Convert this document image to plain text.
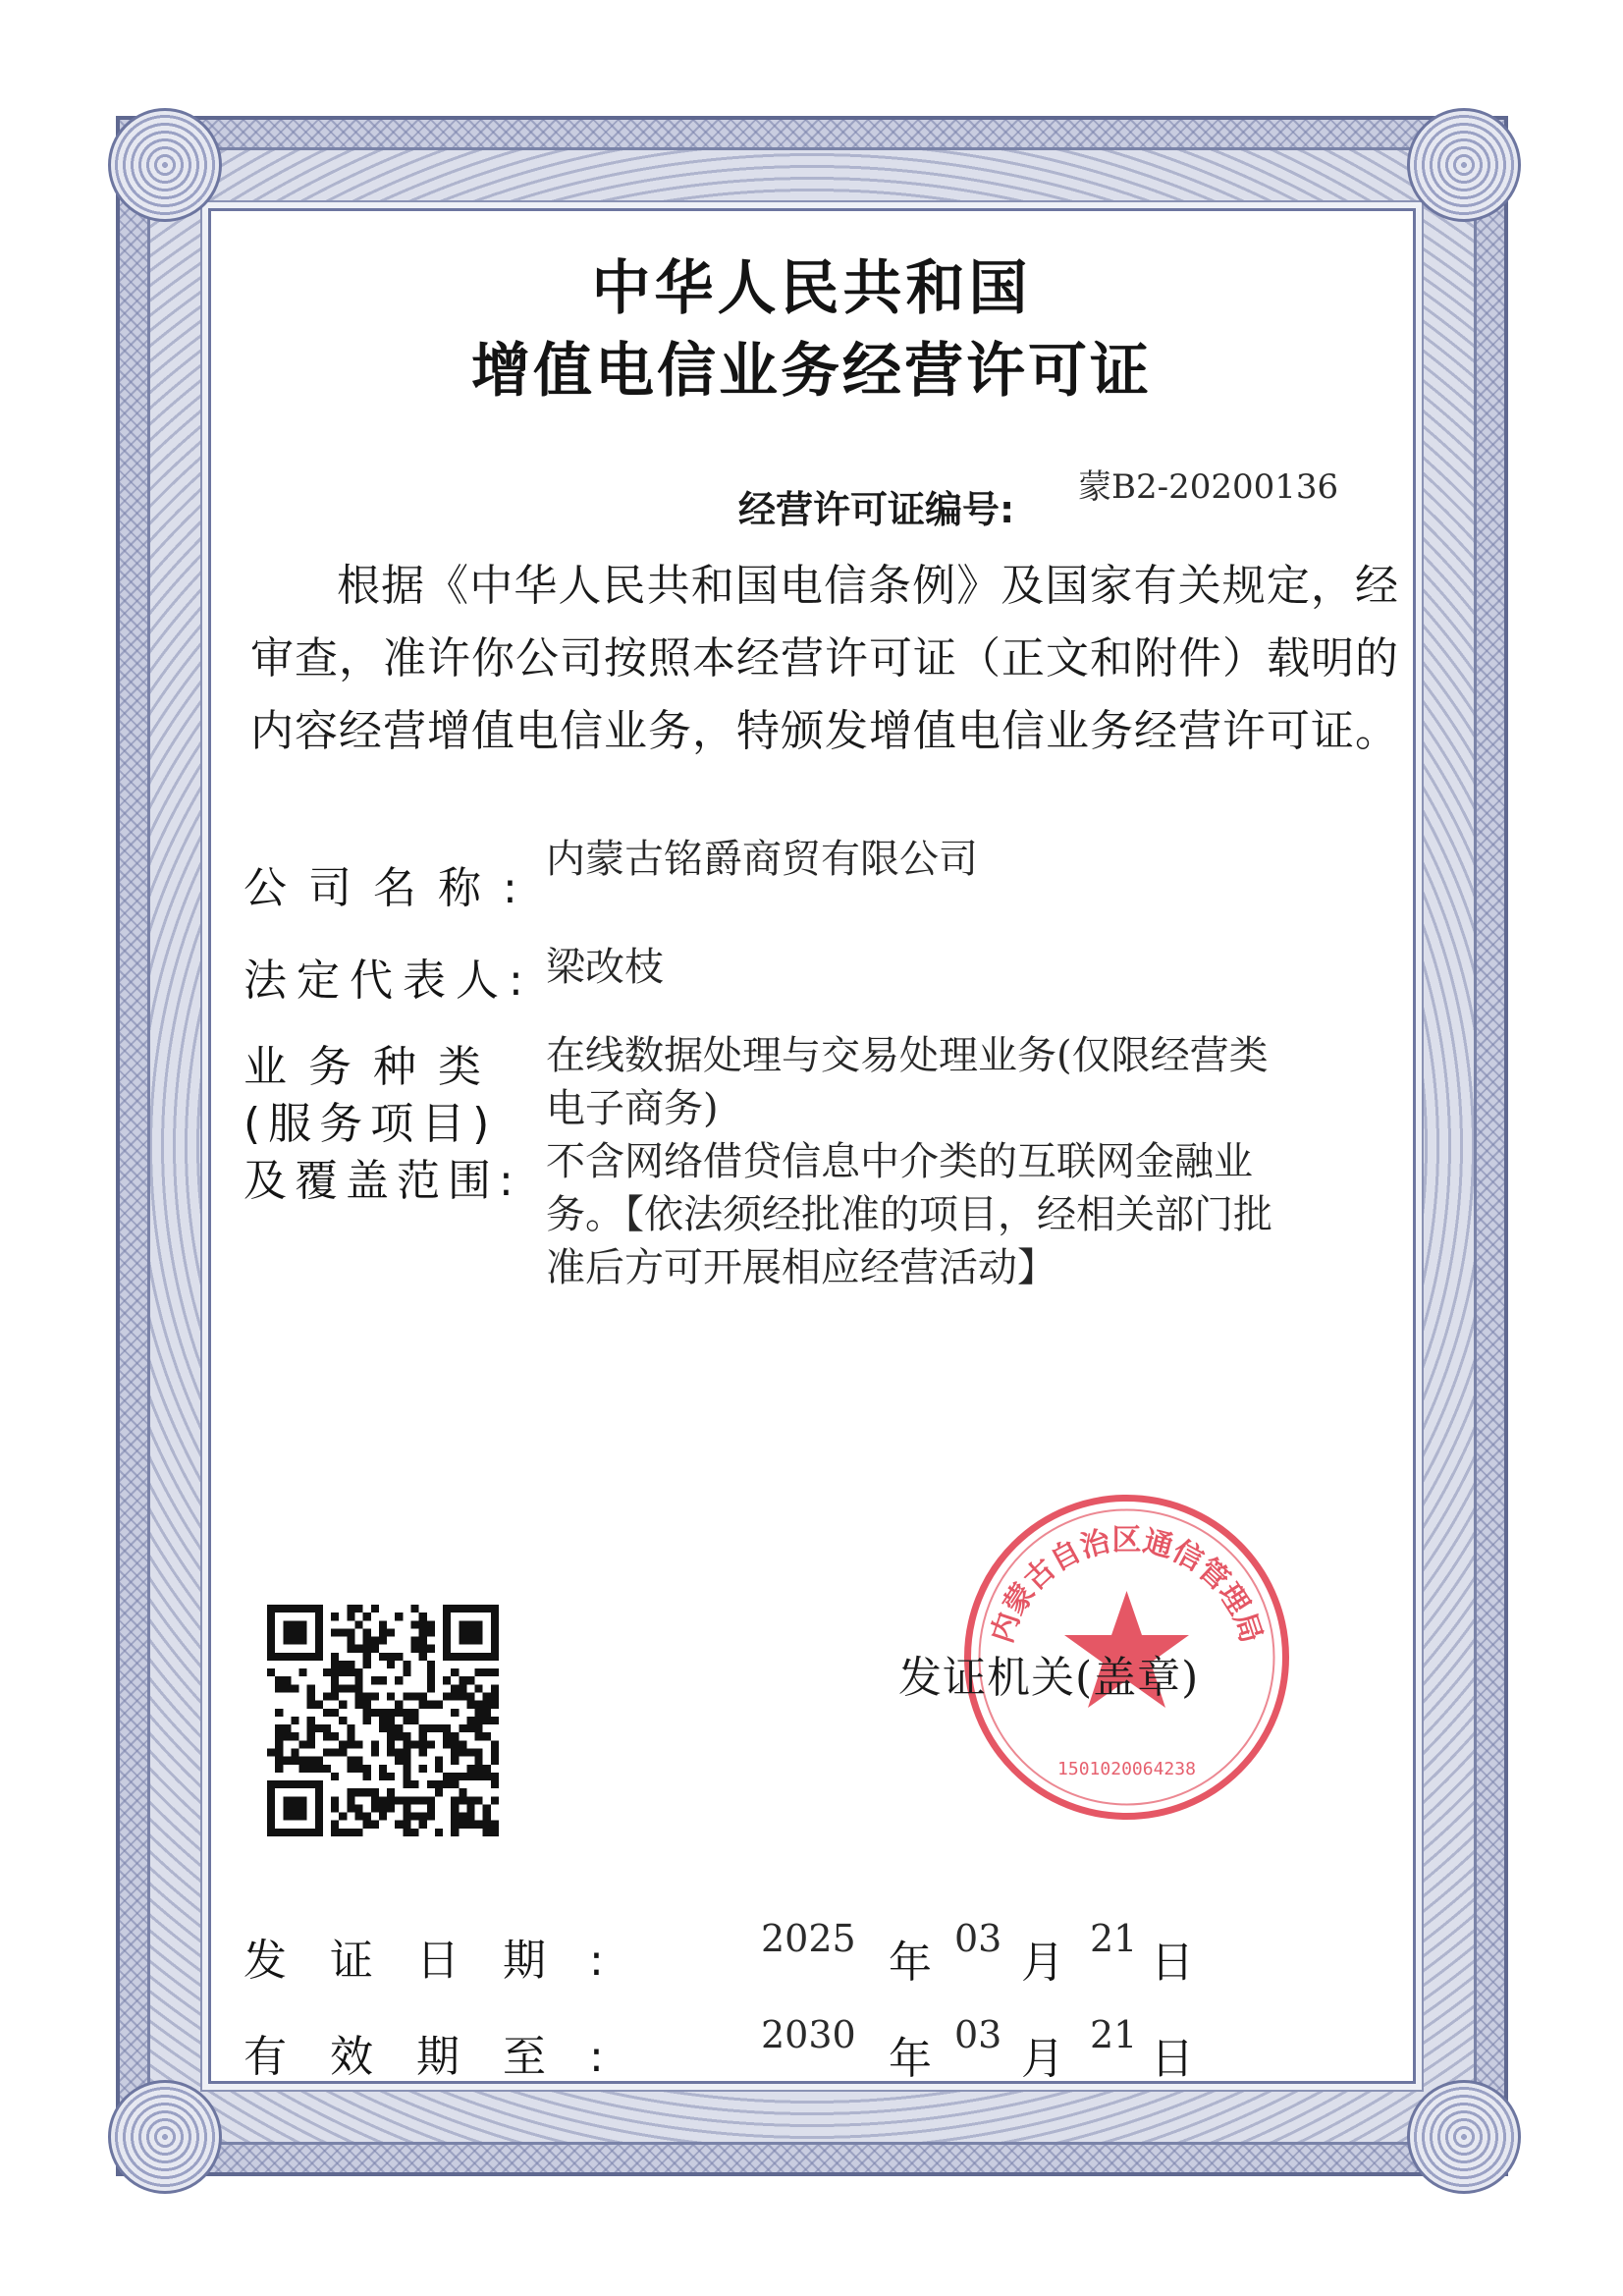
中华人民共和国
增值电信业务经营许可证
经营许可证编号:
蒙B2-20200136
根据《中华人民共和国电信条例》及国家有关规定，经审查，准许你公司按照本经营许可证（正文和附件）载明的内容经营增值电信业务，特颁发增值电信业务经营许可证。
公司名称:
内蒙古铭爵商贸有限公司
法定代表人: 梁改枝
业务种类
(服务项目)
及覆盖范围:
在线数据处理与交易处理业务(仅限经营类
电子商务)
不含网络借贷信息中介类的互联网金融业
务。【依法须经批准的项目，经相关部门批
准后方可开展相应经营活动】
内蒙古自治区通信管理局
1501020064238
发证机关(盖章)
发证日期:	2025 年 03 月 21 日
有效期至:	2030 年 03 月 21 日
